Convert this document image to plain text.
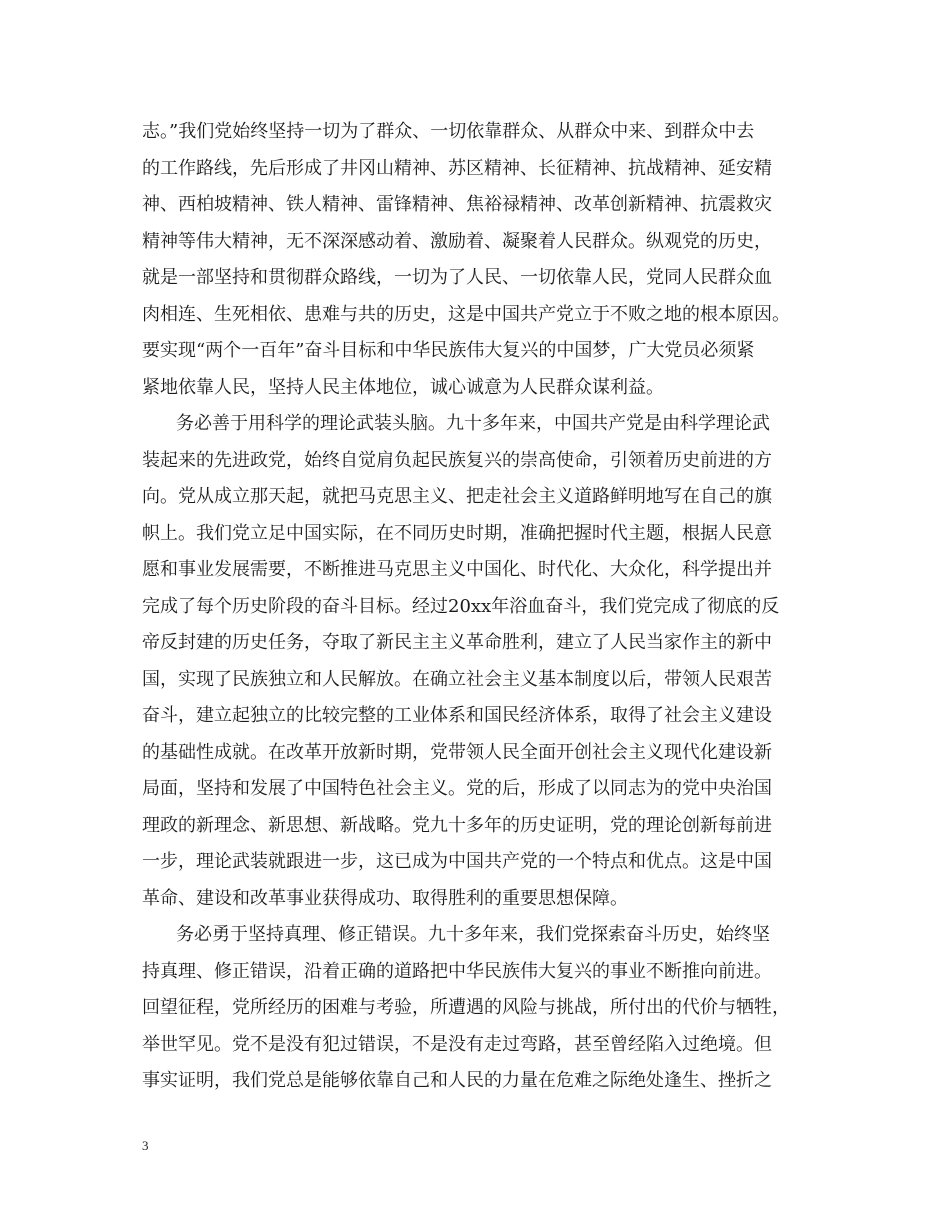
志。”我们党始终坚持一切为了群众、一切依靠群众、从群众中来、到群众中去
的工作路线，先后形成了井冈山精神、苏区精神、长征精神、抗战精神、延安精
神、西柏坡精神、铁人精神、雷锋精神、焦裕禄精神、改革创新精神、抗震救灾
精神等伟大精神，无不深深感动着、激励着、凝聚着人民群众。纵观党的历史，
就是一部坚持和贯彻群众路线，一切为了人民、一切依靠人民，党同人民群众血
肉相连、生死相依、患难与共的历史，这是中国共产党立于不败之地的根本原因。
要实现“两个一百年”奋斗目标和中华民族伟大复兴的中国梦，广大党员必须紧
紧地依靠人民，坚持人民主体地位，诚心诚意为人民群众谋利益。
务必善于用科学的理论武装头脑。九十多年来，中国共产党是由科学理论武
装起来的先进政党，始终自觉肩负起民族复兴的崇高使命，引领着历史前进的方
向。党从成立那天起，就把马克思主义、把走社会主义道路鲜明地写在自己的旗
帜上。我们党立足中国实际，在不同历史时期，准确把握时代主题，根据人民意
愿和事业发展需要，不断推进马克思主义中国化、时代化、大众化，科学提出并
完成了每个历史阶段的奋斗目标。经过20xx年浴血奋斗，我们党完成了彻底的反
帝反封建的历史任务，夺取了新民主主义革命胜利，建立了人民当家作主的新中
国，实现了民族独立和人民解放。在确立社会主义基本制度以后，带领人民艰苦
奋斗，建立起独立的比较完整的工业体系和国民经济体系，取得了社会主义建设
的基础性成就。在改革开放新时期，党带领人民全面开创社会主义现代化建设新
局面，坚持和发展了中国特色社会主义。党的后，形成了以同志为的党中央治国
理政的新理念、新思想、新战略。党九十多年的历史证明，党的理论创新每前进
一步，理论武装就跟进一步，这已成为中国共产党的一个特点和优点。这是中国
革命、建设和改革事业获得成功、取得胜利的重要思想保障。
务必勇于坚持真理、修正错误。九十多年来，我们党探索奋斗历史，始终坚
持真理、修正错误，沿着正确的道路把中华民族伟大复兴的事业不断推向前进。
回望征程，党所经历的困难与考验，所遭遇的风险与挑战，所付出的代价与牺牲，
举世罕见。党不是没有犯过错误，不是没有走过弯路，甚至曾经陷入过绝境。但
事实证明，我们党总是能够依靠自己和人民的力量在危难之际绝处逢生、挫折之
3
